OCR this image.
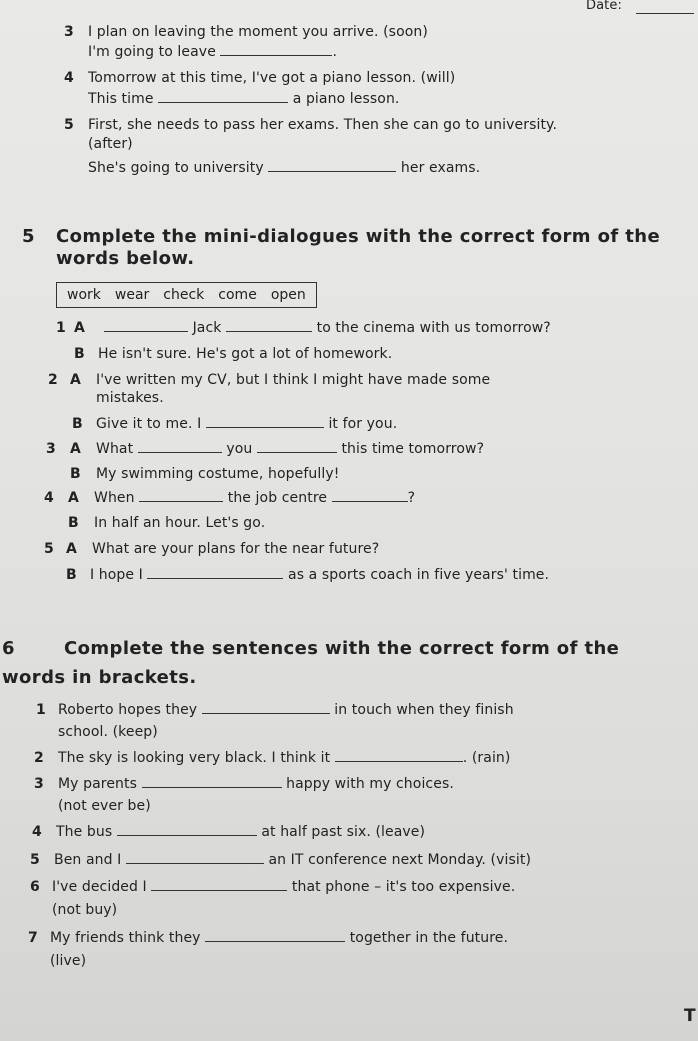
Date:
3 I plan on leaving the moment you arrive. (soon)
I'm going to leave	.
4 Tomorrow at this time, I've got a piano lesson. (will)
This time	a piano lesson.
5 First, she needs to pass her exams. Then she can go to university.
(after)
She's going to university	her exams.
5 Complete the mini-dialogues with the correct form of the
words below.
work wear check come open
1 A	Jack	to the cinema with us tomorrow?
B He isn't sure. He's got a lot of homework.
2 A I've written my CV, but I think I might have made some
mistakes.
B Give it to me. I	it for you.
3 A What	you	this time tomorrow?
B My swimming costume, hopefully!
4 A When	the job centre	?
B In half an hour. Let's go.
5 A What are your plans for the near future?
B I hope I	as a sports coach in five years' time.
6	Complete the sentences with the correct form of the
words in brackets.
1 Roberto hopes they	in touch when they finish
school. (keep)
2 The sky is looking very black. I think it	. (rain)
3 My parents	happy with my choices.
(not ever be)
4 The bus	at half past six. (leave)
5 Ben and I	an IT conference next Monday. (visit)
6 I've decided I	that phone – it's too expensive.
(not buy)
7 My friends think they	together in the future.
(live)
T
